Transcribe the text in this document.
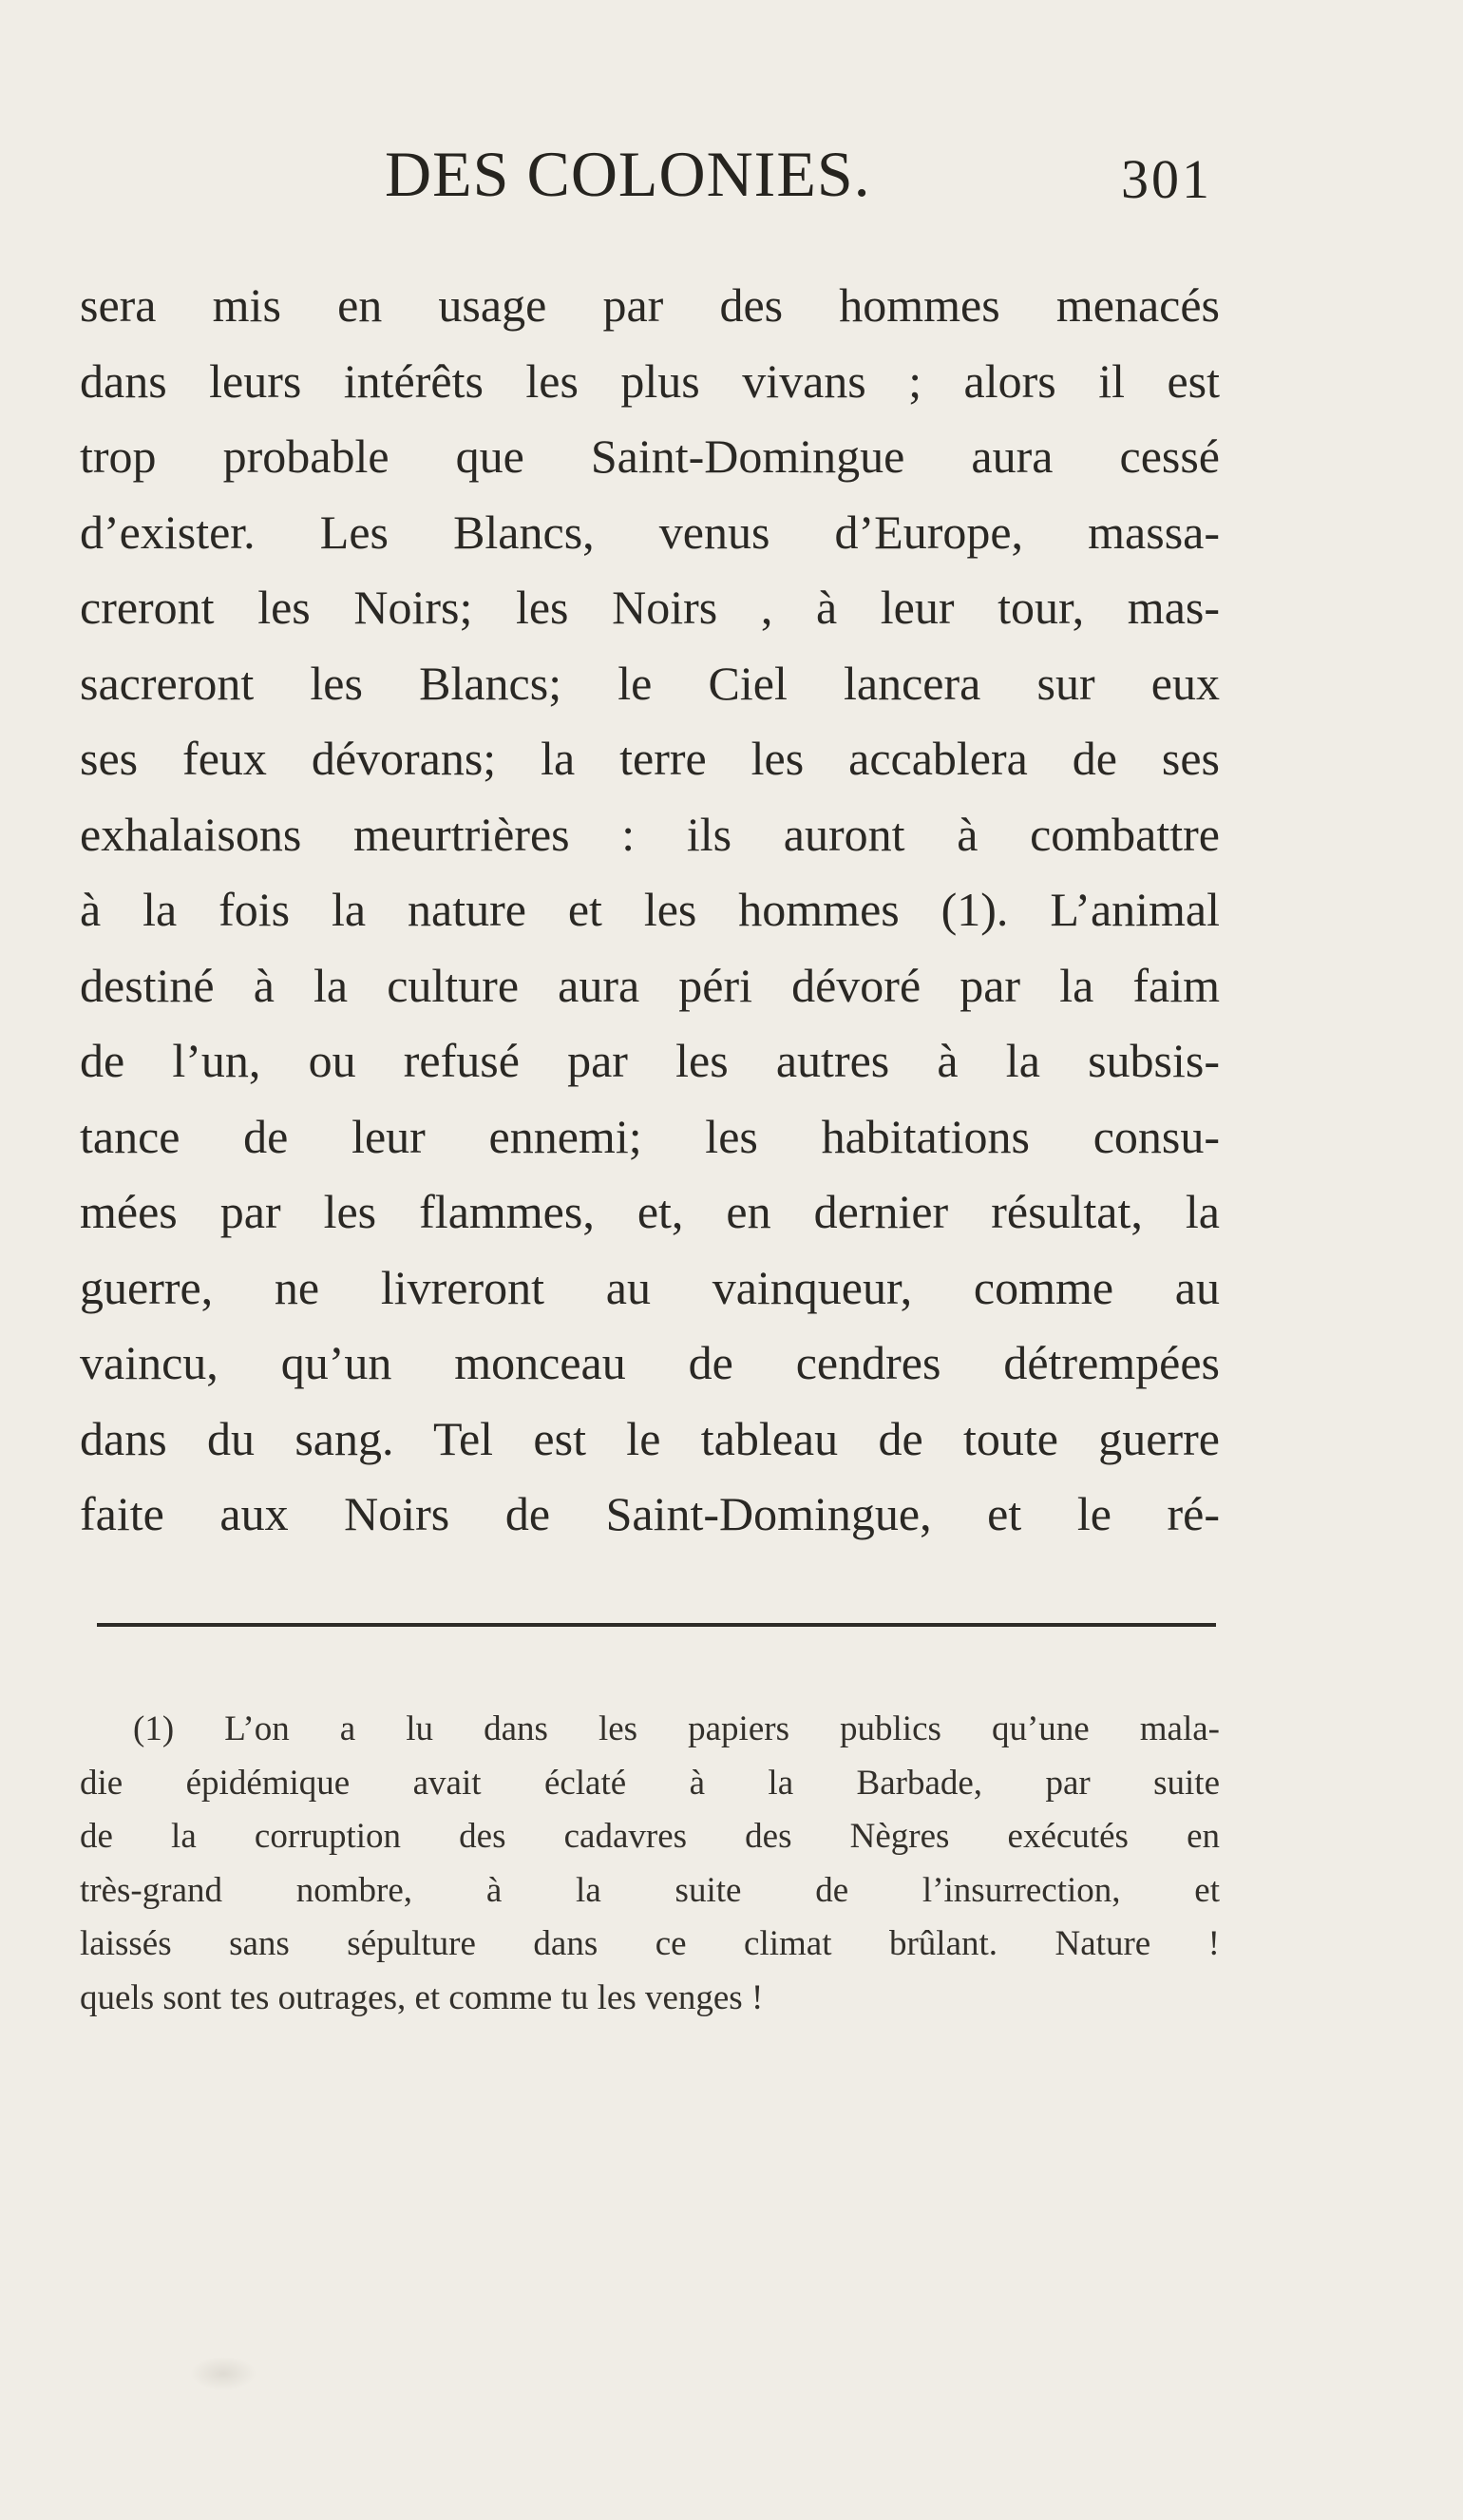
DES COLONIES.	301
sera mis en usage par des hommes menacés
dans leurs intérêts les plus vivans ; alors il est
trop probable que Saint-Domingue aura cessé
d’exister. Les Blancs, venus d’Europe, massa-
creront les Noirs; les Noirs , à leur tour, mas-
sacreront les Blancs; le Ciel lancera sur eux
ses feux dévorans; la terre les accablera de ses
exhalaisons meurtrières : ils auront à combattre
à la fois la nature et les hommes (1). L’animal
destiné à la culture aura péri dévoré par la faim
de l’un, ou refusé par les autres à la subsis-
tance de leur ennemi; les habitations consu-
mées par les flammes, et, en dernier résultat, la
guerre, ne livreront au vainqueur, comme au
vaincu, qu’un monceau de cendres détrempées
dans du sang. Tel est le tableau de toute guerre
faite aux Noirs de Saint-Domingue, et le ré-
(1) L’on a lu dans les papiers publics qu’une mala-
die épidémique avait éclaté à la Barbade, par suite
de la corruption des cadavres des Nègres exécutés en
très-grand nombre, à la suite de l’insurrection, et
laissés sans sépulture dans ce climat brûlant. Nature !
quels sont tes outrages, et comme tu les venges !
